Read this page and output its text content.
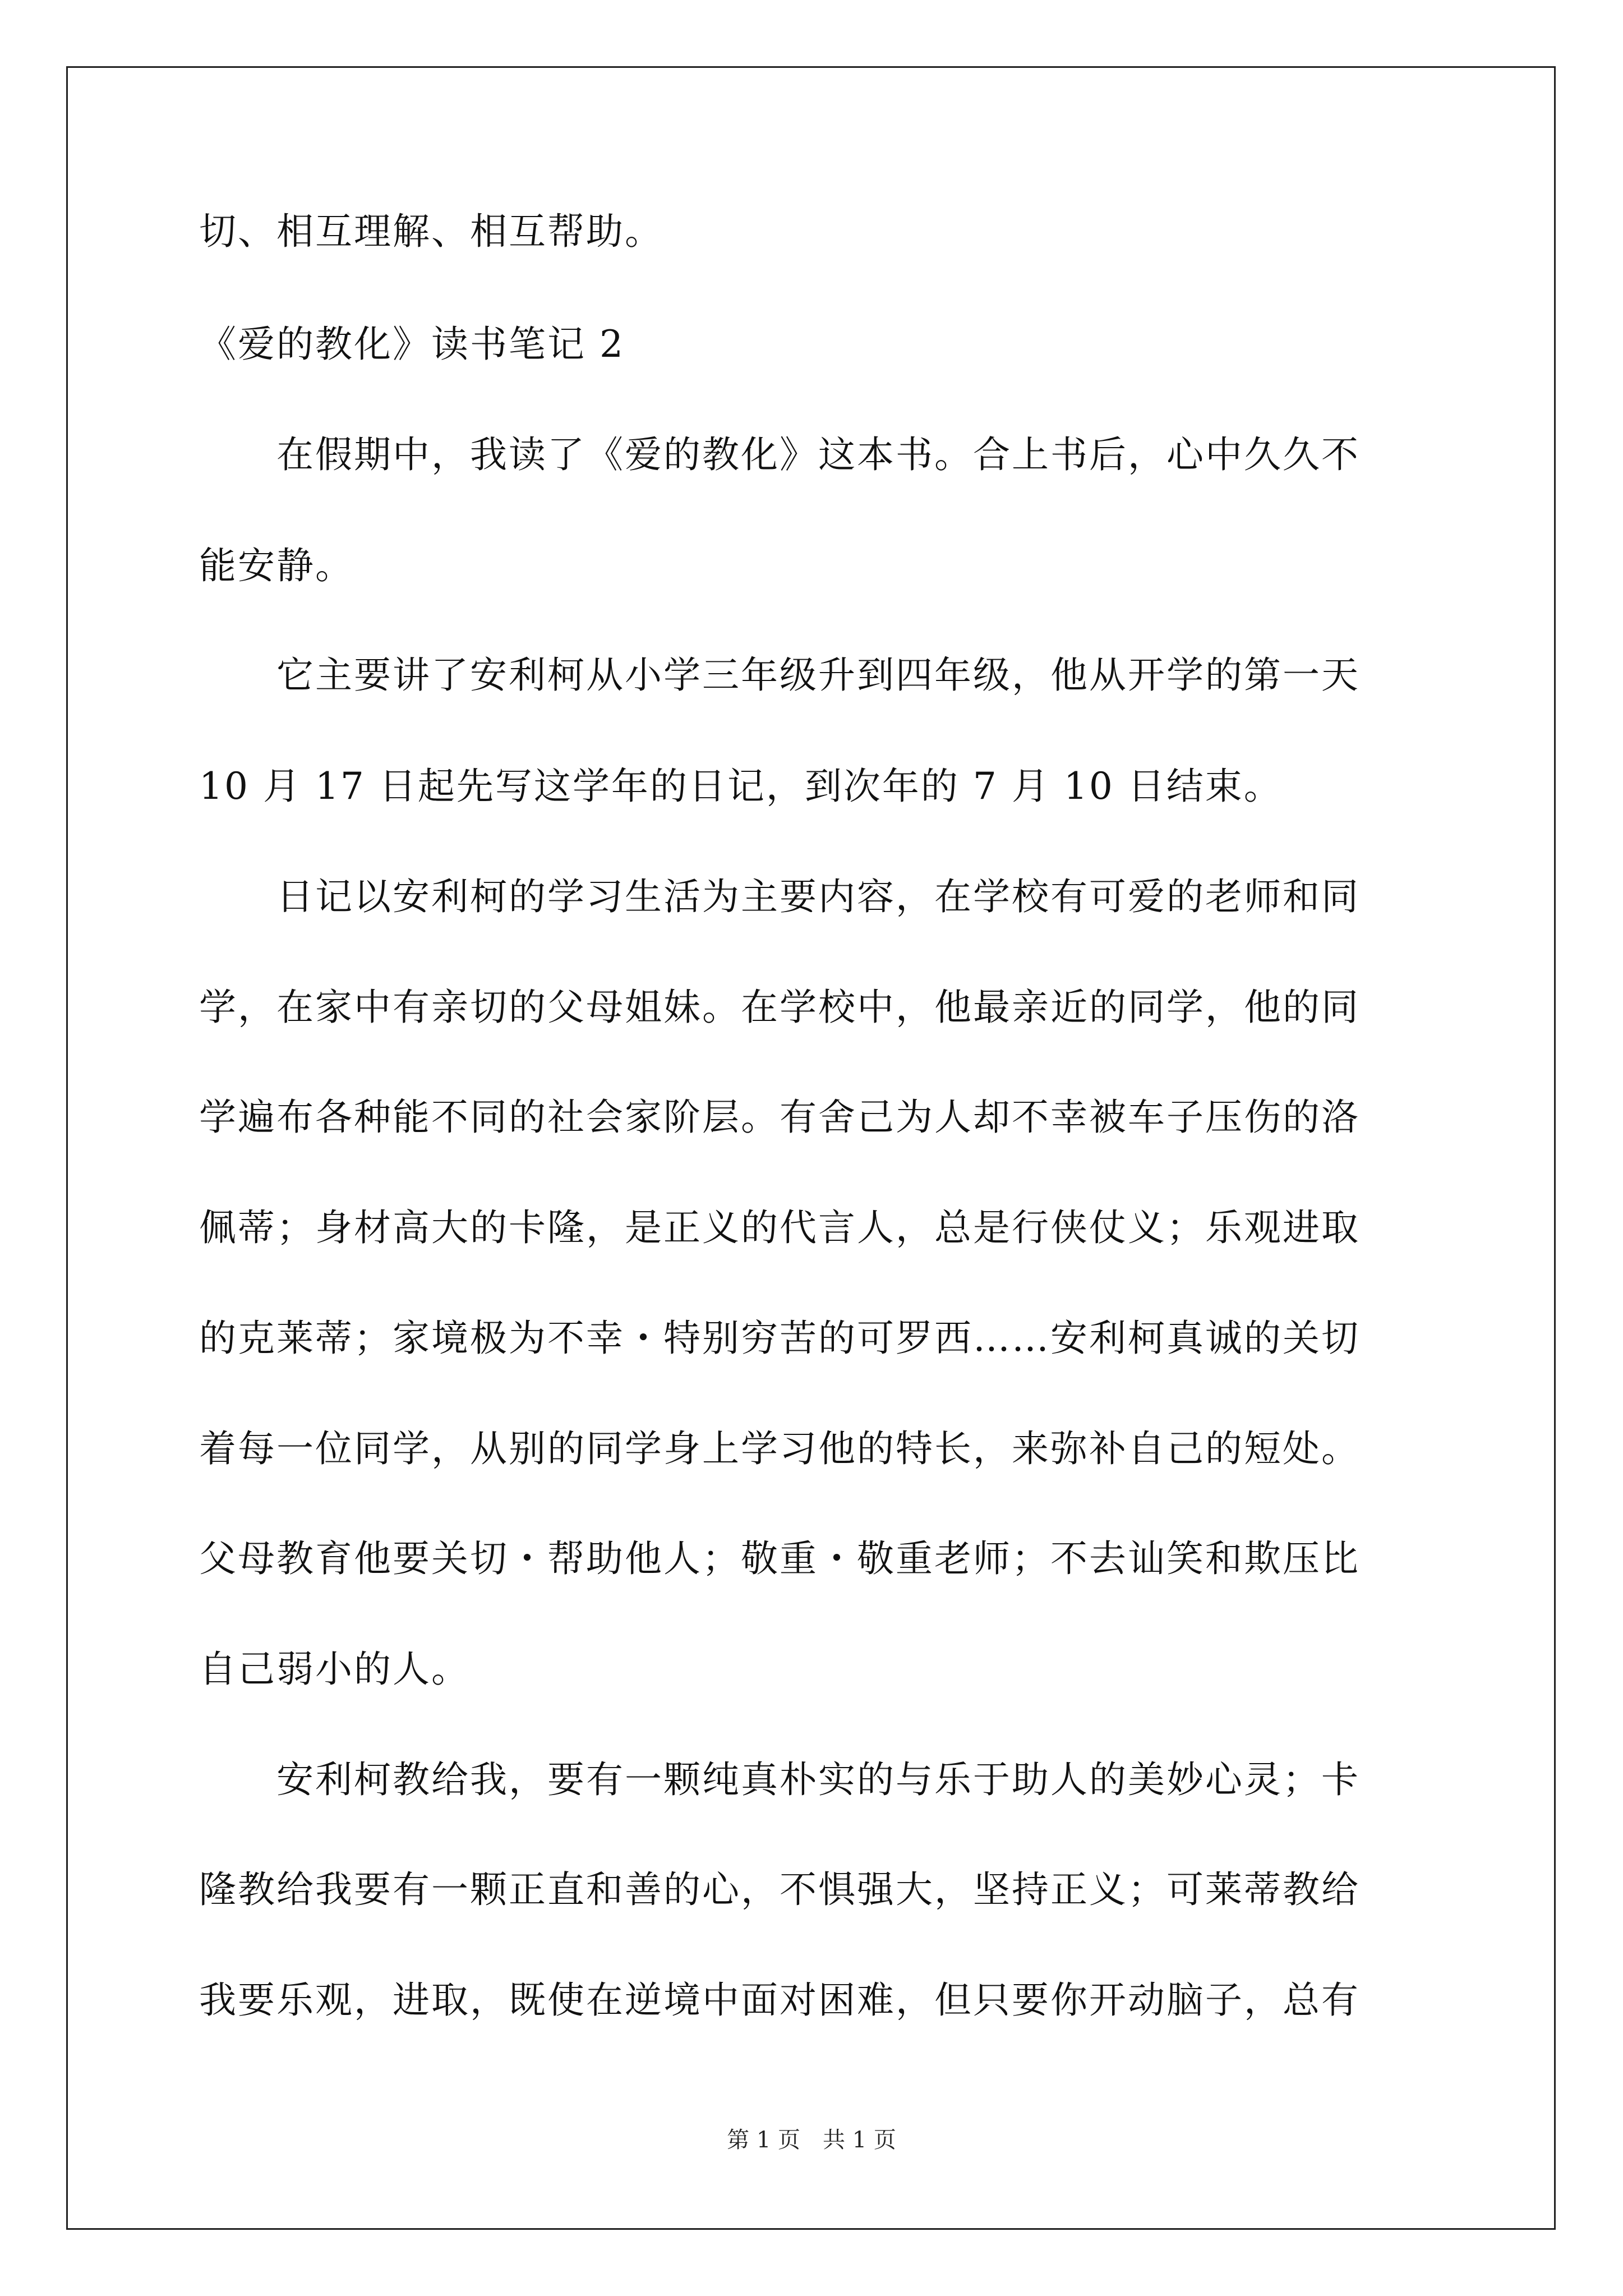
切、相互理解、相互帮助。
《爱的教化》读书笔记 2
在假期中，我读了《爱的教化》这本书。合上书后，心中久久不
能安静。
它主要讲了安利柯从小学三年级升到四年级，他从开学的第一天
10 月 17 日起先写这学年的日记，到次年的 7 月 10 日结束。
日记以安利柯的学习生活为主要内容，在学校有可爱的老师和同
学，在家中有亲切的父母姐妹。在学校中，他最亲近的同学，他的同
学遍布各种能不同的社会家阶层。有舍己为人却不幸被车子压伤的洛
佩蒂；身材高大的卡隆，是正义的代言人，总是行侠仗义；乐观进取
的克莱蒂；家境极为不幸・特别穷苦的可罗西……安利柯真诚的关切
着每一位同学，从别的同学身上学习他的特长，来弥补自己的短处。
父母教育他要关切・帮助他人；敬重・敬重老师；不去讪笑和欺压比
自己弱小的人。
安利柯教给我，要有一颗纯真朴实的与乐于助人的美妙心灵；卡
隆教给我要有一颗正直和善的心，不惧强大，坚持正义；可莱蒂教给
我要乐观，进取，既使在逆境中面对困难，但只要你开动脑子，总有
第 1 页　共 1 页
